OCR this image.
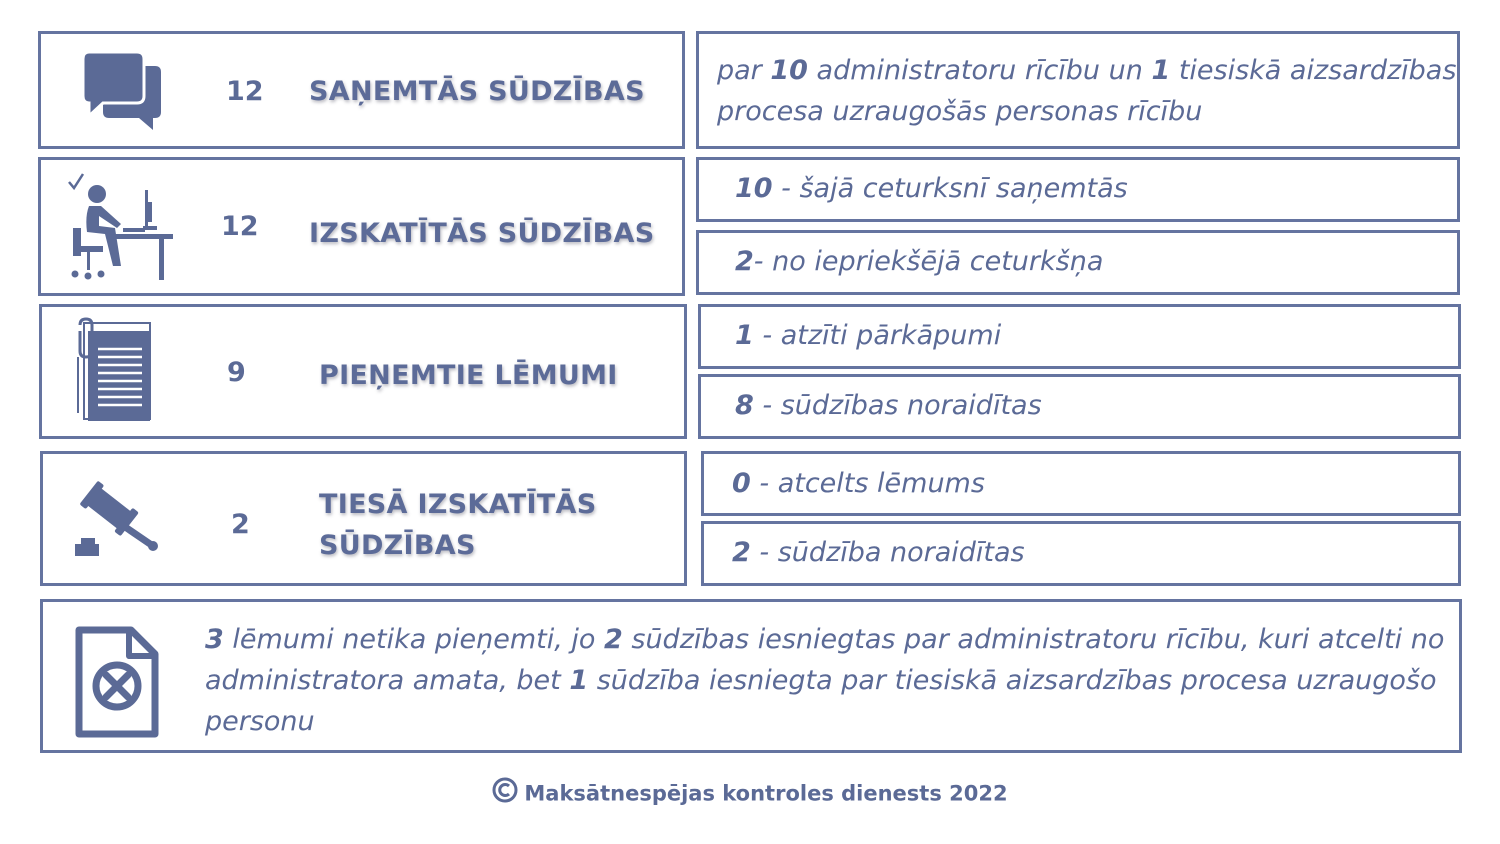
12 SAŅEMTĀS SŪDZĪBAS
par 10 administratoru rīcību un 1 tiesiskā aizsardzības
procesa uzraugošās personas rīcību
12 IZSKATĪTĀS SŪDZĪBAS
10 - šajā ceturksnī saņemtās
2- no iepriekšējā ceturkšņa
9	PIEŅEMTIE LĒMUMI
1 - atzīti pārkāpumi
8 - sūdzības noraidītas
2
TIESĀ IZSKATĪTĀS
SŪDZĪBAS
0 - atcelts lēmums
2 - sūdzība noraidītas
3 lēmumi netika pieņemti, jo 2 sūdzības iesniegtas par administratoru rīcību, kuri atcelti no
administratora amata, bet 1 sūdzība iesniegta par tiesiskā aizsardzības procesa uzraugošo
personu
Maksātnespējas kontroles dienests 2022
